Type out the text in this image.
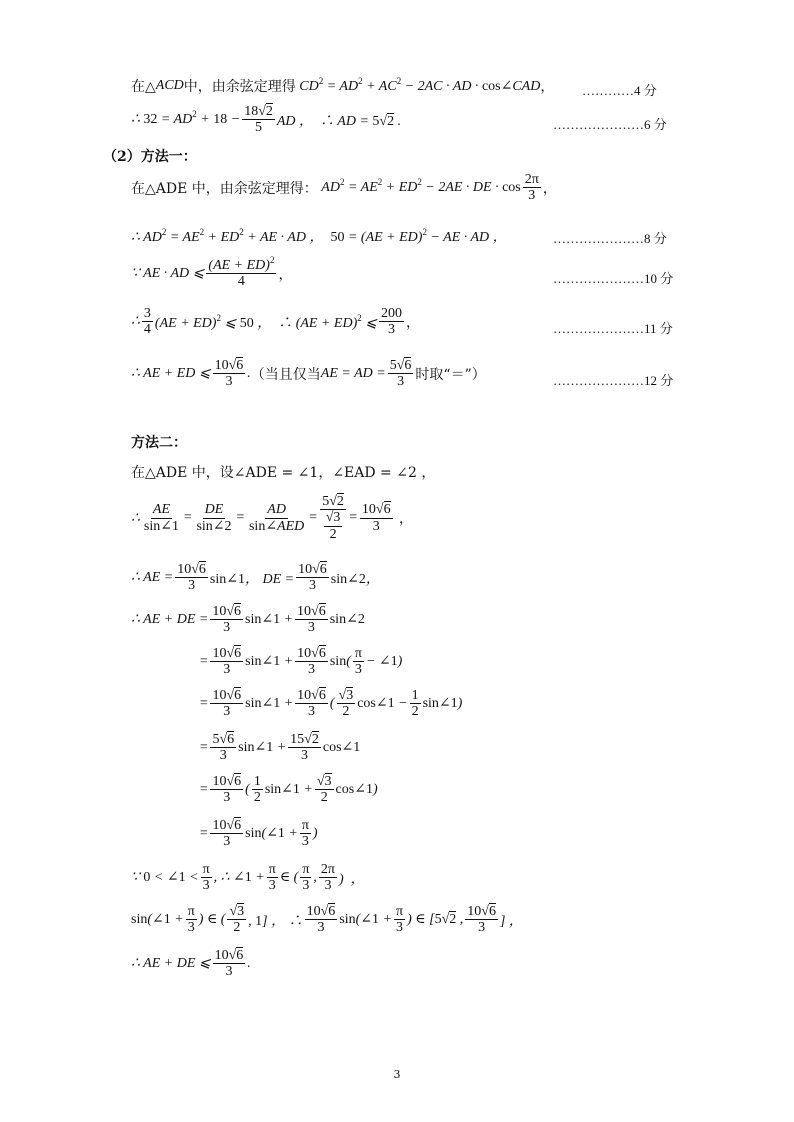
在△ ACD 中，由余弦定理得 $CD^2 = AD^2 + AC^2 - 2AC$ · AD · cos∠CAD ， …………4 分
∴ $32 = AD^2 + 18 - \frac{18√2}{5}$ AD ，  ∴ AD = 5√2 .	…………………6 分
（2）方法一：
在△ADE 中，由余弦定理得： $AD^2 = AE^2 + ED^2 - 2AE$ · DE · $\cos \frac{2\pi}{3}$ ，
∴ $AD^2 = AE^2 + ED^2$ + AE · AD ，  50 = (AE + ED)$^2$ − AE · AD ，	…………………8 分
∵ AE · AD ⩽ $\frac{(AE + ED)^2}{4}$ ，	…………………10 分
∴ $\frac{3}{4} (AE + ED)^2$ ⩽ 50 ，  ∴ (AE + ED)$^2$ ⩽ $\frac{200}{3}$ ，	…………………11 分
∴ AE + ED ⩽ $\frac{10√6}{3}$ . （当且仅当 AE = AD = $\frac{5√6}{3}$ 时取“＝”）	…………………12 分
方法二：
在△ADE 中，设∠ADE = ∠1，∠EAD = ∠2 ，
∴ $\frac{AE}{\sin\angle 1} = \frac{DE}{\sin\angle 2} = \frac{AD}{\text{sin∠AED}} = \frac{5√2}{\frac{√3}{2}} = \frac{10√6}{3}$ ，
∴ AE = $\frac{10√6}{3}$ sin∠1， DE = $\frac{10√6}{3}$ sin∠2，
∴ AE + DE = $\frac{10√6}{3}$ sin∠1 + $\frac{10√6}{3}$ sin∠2
= $\frac{10√6}{3}$ sin∠1 + $\frac{10√6}{3} \sin( \frac{\pi}{3}$ − ∠1)
= $\frac{10√6}{3}$ sin∠1 + $\frac{10√6}{3}$ ( $\frac{√3}{2}$ cos∠1 − $\frac{1}{2}$ sin∠1)
= $\frac{5√6}{3}$ sin∠1 + $\frac{15√2}{3}$ cos∠1
= $\frac{10√6}{3}$ ( $\frac{1}{2}$ sin∠1 + $\frac{√3}{2}$ cos∠1)
= $\frac{10√6}{3}$ sin(∠1 + $\frac{\pi}{3}$ )
∵ 0 < ∠1 < $\frac{\pi}{3}$ , ∴ ∠1 + $\frac{\pi}{3}$ ∈ ( $\frac{\pi}{3}$ , $\frac{2\pi}{3}$ )  ，
sin(∠1 + $\frac{\pi}{3}$ ) ∈ ( $\frac{√3}{2}$ , 1] ， ∴ $\frac{10√6}{3}$ sin(∠1 + $\frac{\pi}{3}$ ) ∈ [5√2 , $\frac{10√6}{3}$ ] ，
∴ AE + DE ⩽ $\frac{10√6}{3}$ .
3
